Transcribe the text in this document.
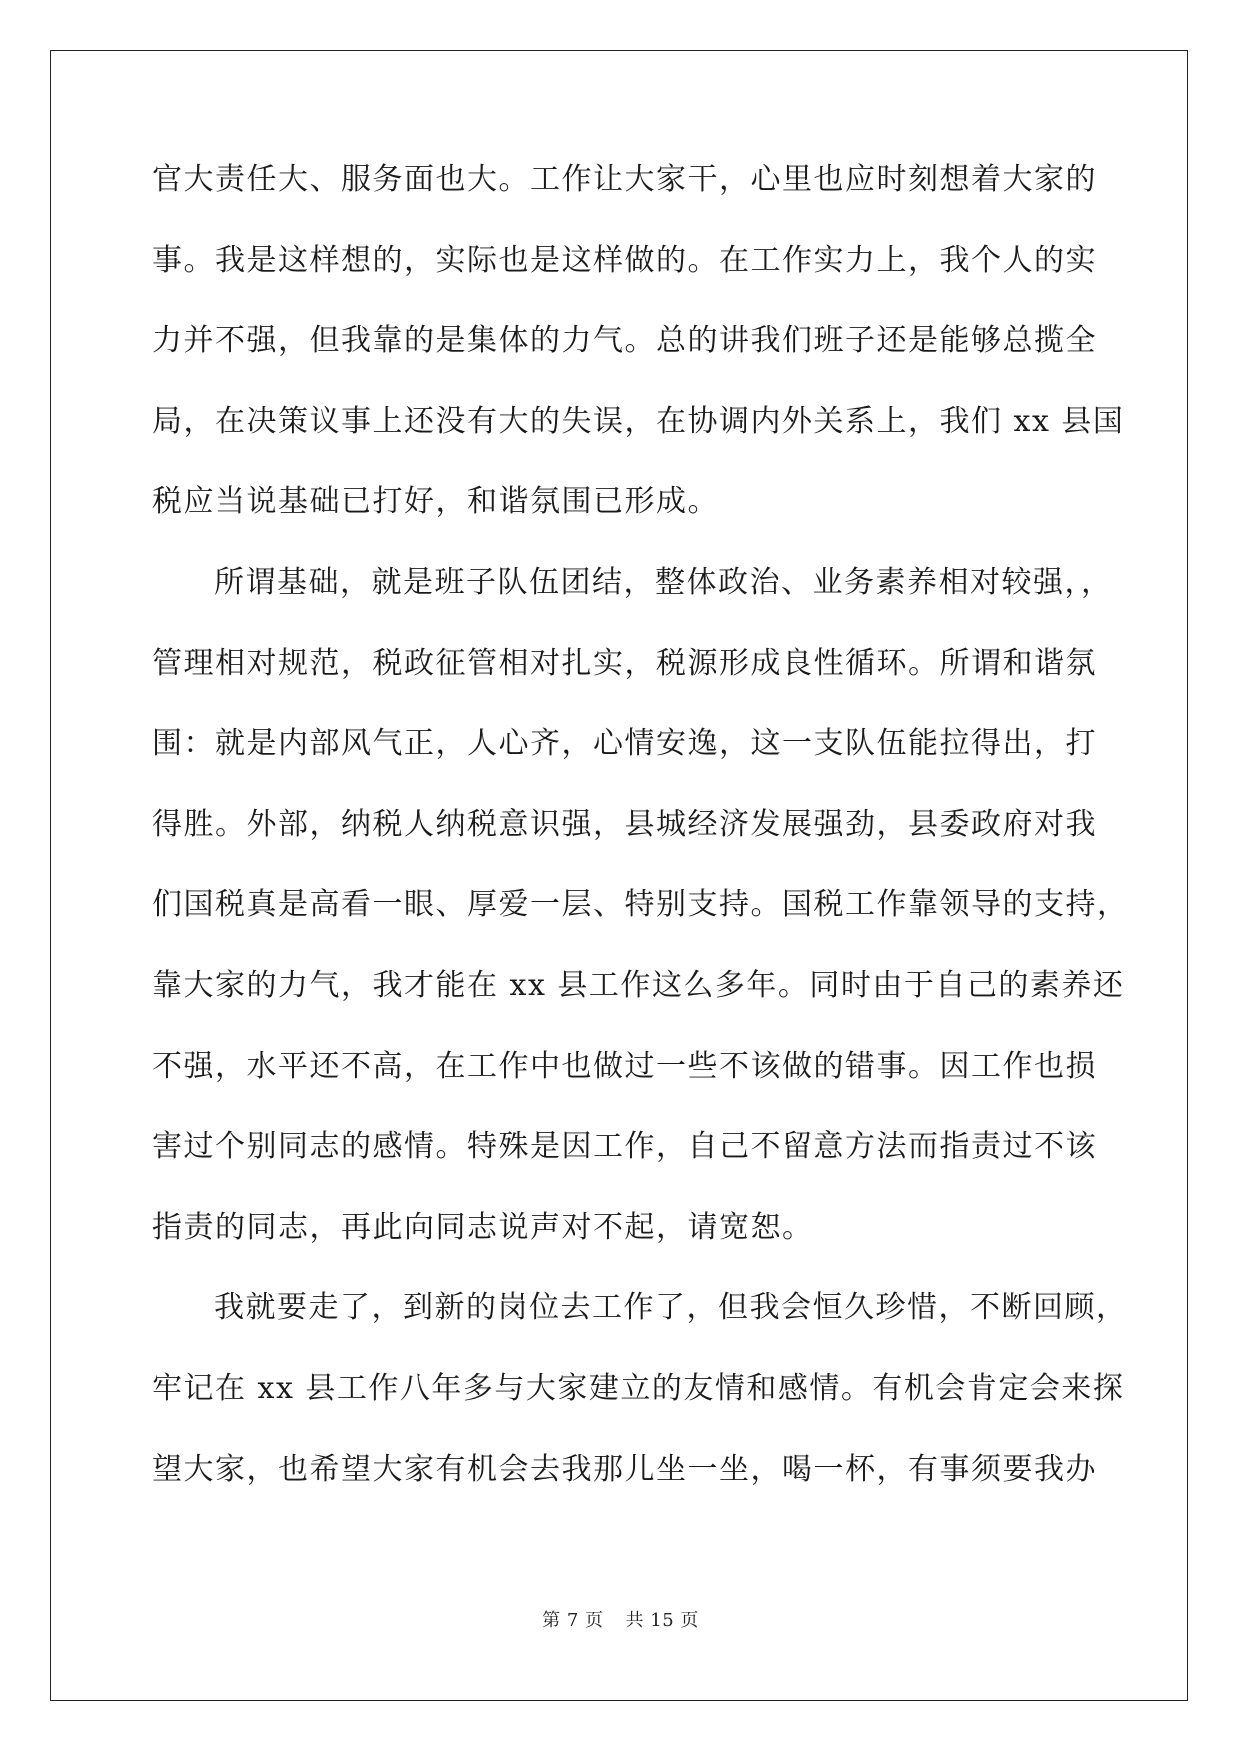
官大责任大、服务面也大。工作让大家干，心里也应时刻想着大家的
事。我是这样想的，实际也是这样做的。在工作实力上，我个人的实
力并不强，但我靠的是集体的力气。总的讲我们班子还是能够总揽全
局，在决策议事上还没有大的失误，在协调内外关系上，我们 xx 县国
税应当说基础已打好，和谐氛围已形成。
所谓基础，就是班子队伍团结，整体政治、业务素养相对较强，，
管理相对规范，税政征管相对扎实，税源形成良性循环。所谓和谐氛
围：就是内部风气正，人心齐，心情安逸，这一支队伍能拉得出，打
得胜。外部，纳税人纳税意识强，县城经济发展强劲，县委政府对我
们国税真是高看一眼、厚爱一层、特别支持。国税工作靠领导的支持，
靠大家的力气，我才能在 xx 县工作这么多年。同时由于自己的素养还
不强，水平还不高，在工作中也做过一些不该做的错事。因工作也损
害过个别同志的感情。特殊是因工作，自己不留意方法而指责过不该
指责的同志，再此向同志说声对不起，请宽恕。
我就要走了，到新的岗位去工作了，但我会恒久珍惜，不断回顾，
牢记在 xx 县工作八年多与大家建立的友情和感情。有机会肯定会来探
望大家，也希望大家有机会去我那儿坐一坐，喝一杯，有事须要我办
第 7 页 共 15 页
